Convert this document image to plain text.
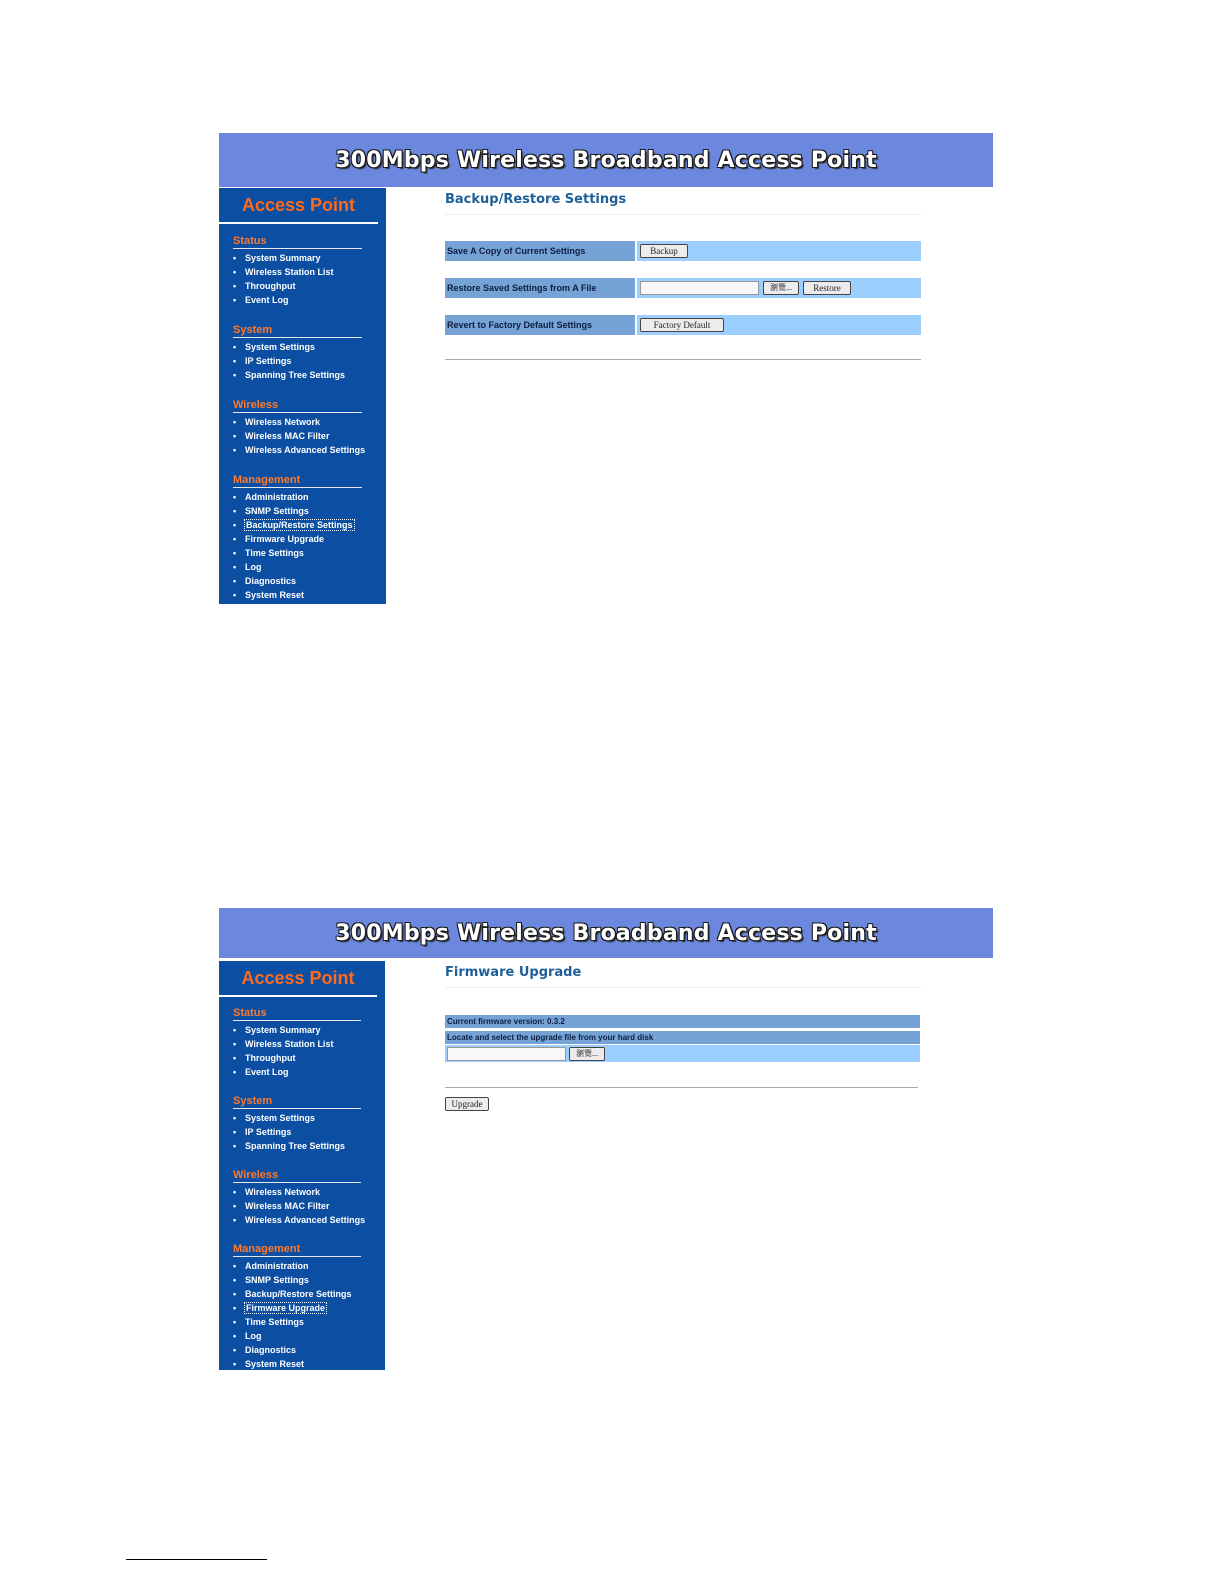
300Mbps Wireless Broadband Access Point
Access Point
Status
• System Summary
• Wireless Station List
• Throughput
• Event Log
System
• System Settings
• IP Settings
• Spanning Tree Settings
Wireless
• Wireless Network
• Wireless MAC Filter
• Wireless Advanced Settings
Management
• Administration
• SNMP Settings
• Backup/Restore Settings
• Firmware Upgrade
• Time Settings
• Log
• Diagnostics
• System Reset
Backup/Restore Settings
Save A Copy of Current Settings	Backup
Restore Saved Settings from A File	瀏覽...	Restore
Revert to Factory Default Settings	Factory Default
300Mbps Wireless Broadband Access Point
Access Point
Status
• System Summary
• Wireless Station List
• Throughput
• Event Log
System
• System Settings
• IP Settings
• Spanning Tree Settings
Wireless
• Wireless Network
• Wireless MAC Filter
• Wireless Advanced Settings
Management
• Administration
• SNMP Settings
• Backup/Restore Settings
• Firmware Upgrade
• Time Settings
• Log
• Diagnostics
• System Reset
Firmware Upgrade
Current firmware version: 0.3.2
Locate and select the upgrade file from your hard disk
瀏覽...
Upgrade
